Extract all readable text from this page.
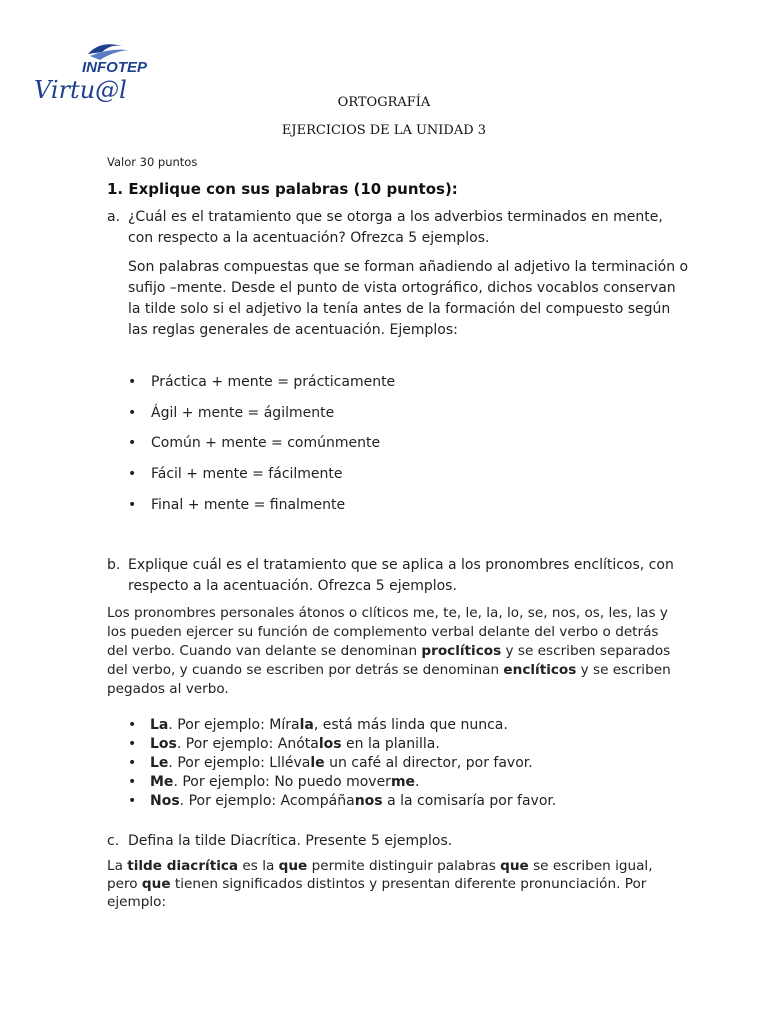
INFOTEP
Virtu@l	ORTOGRAFÍA
EJERCICIOS DE LA UNIDAD 3
Valor 30 puntos
1. Explique con sus palabras (10 puntos):
a. ¿Cuál es el tratamiento que se otorga a los adverbios terminados en mente,
con respecto a la acentuación? Ofrezca 5 ejemplos.
Son palabras compuestas que se forman añadiendo al adjetivo la terminación o
sufijo –mente. Desde el punto de vista ortográfico, dichos vocablos conservan
la tilde solo si el adjetivo la tenía antes de la formación del compuesto según
las reglas generales de acentuación. Ejemplos:
• Práctica + mente = prácticamente
• Ágil + mente = ágilmente
• Común + mente = comúnmente
• Fácil + mente = fácilmente
• Final + mente = finalmente
b. Explique cuál es el tratamiento que se aplica a los pronombres enclíticos, con
respecto a la acentuación. Ofrezca 5 ejemplos.
Los pronombres personales átonos o clíticos me, te, le, la, lo, se, nos, os, les, las y
los pueden ejercer su función de complemento verbal delante del verbo o detrás
del verbo. Cuando van delante se denominan proclíticos y se escriben separados
del verbo, y cuando se escriben por detrás se denominan enclíticos y se escriben
pegados al verbo.
• La. Por ejemplo: Mírala, está más linda que nunca.
• Los. Por ejemplo: Anótalos en la planilla.
• Le. Por ejemplo: Lllévale un café al director, por favor.
• Me. Por ejemplo: No puedo moverme.
• Nos. Por ejemplo: Acompáñanos a la comisaría por favor.
c. Defina la tilde Diacrítica. Presente 5 ejemplos.
La tilde diacrítica es la que permite distinguir palabras que se escriben igual,
pero que tienen significados distintos y presentan diferente pronunciación. Por
ejemplo:
